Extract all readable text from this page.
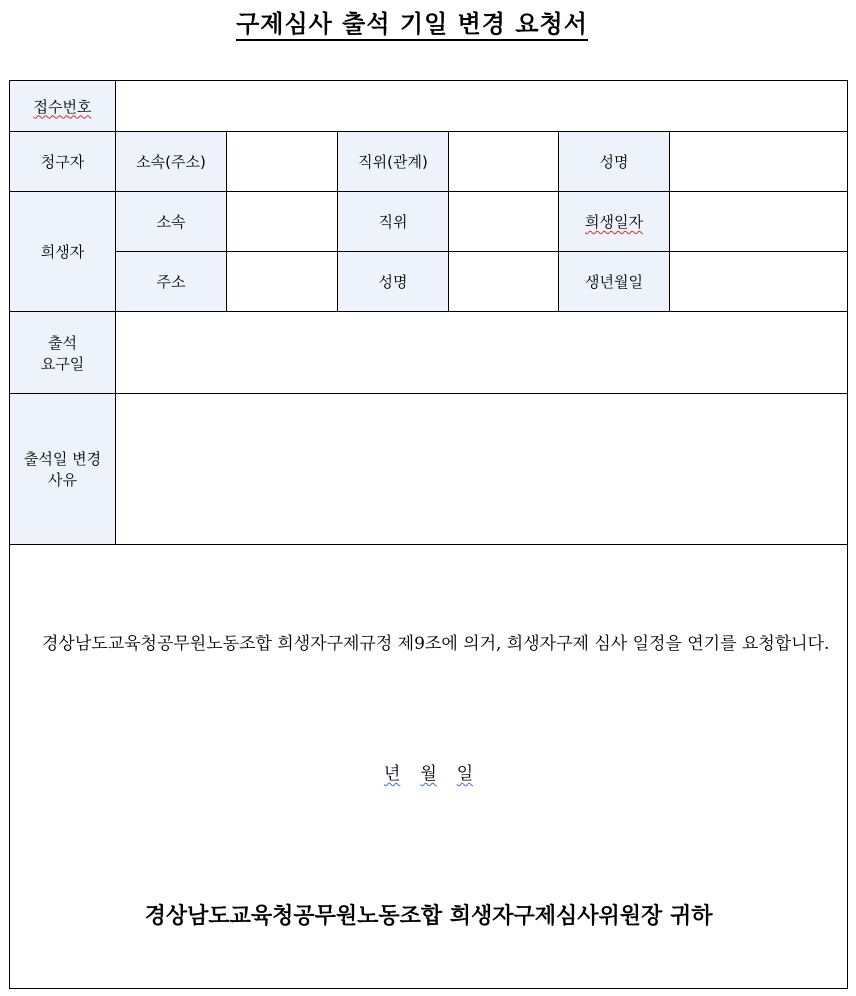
구제심사 출석 기일 변경 요청서
접수번호						
청구자	소속(주소)		직위(관계)		성명	
희생자	소속		직위		희생일자	
	주소		성명		생년월일	

출석
요구일						

출석일 변경
사유						

경상남도교육청공무원노동조합 희생자구제규정 제9조에 의거, 희생자구제 심사 일정을 연기를 요청합니다.
년 월 일
경상남도교육청공무원노동조합 희생자구제심사위원장 귀하						
